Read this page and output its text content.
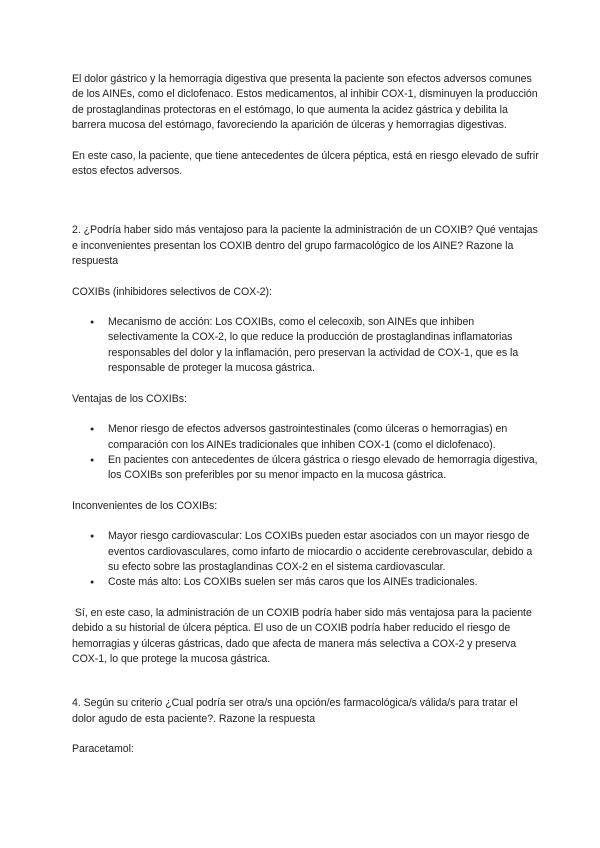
El dolor gástrico y la hemorragia digestiva que presenta la paciente son efectos adversos comunes de los AINEs, como el diclofenaco. Estos medicamentos, al inhibir COX-1, disminuyen la producción de prostaglandinas protectoras en el estómago, lo que aumenta la acidez gástrica y debilita la barrera mucosa del estómago, favoreciendo la aparición de úlceras y hemorragias digestivas.

En este caso, la paciente, que tiene antecedentes de úlcera péptica, está en riesgo elevado de sufrir estos efectos adversos.

2. ¿Podría haber sido más ventajoso para la paciente la administración de un COXIB? Qué ventajas e inconvenientes presentan los COXIB dentro del grupo farmacológico de los AINE? Razone la respuesta

COXIBs (inhibidores selectivos de COX-2):

● Mecanismo de acción: Los COXIBs, como el celecoxib, son AINEs que inhiben selectivamente la COX-2, lo que reduce la producción de prostaglandinas inflamatorias responsables del dolor y la inflamación, pero preservan la actividad de COX-1, que es la responsable de proteger la mucosa gástrica.

Ventajas de los COXIBs:

● Menor riesgo de efectos adversos gastrointestinales (como úlceras o hemorragias) en comparación con los AINEs tradicionales que inhiben COX-1 (como el diclofenaco).
● En pacientes con antecedentes de úlcera gástrica o riesgo elevado de hemorragia digestiva, los COXIBs son preferibles por su menor impacto en la mucosa gástrica.

Inconvenientes de los COXIBs:

● Mayor riesgo cardiovascular: Los COXIBs pueden estar asociados con un mayor riesgo de eventos cardiovasculares, como infarto de miocardio o accidente cerebrovascular, debido a su efecto sobre las prostaglandinas COX-2 en el sistema cardiovascular.
● Coste más alto: Los COXIBs suelen ser más caros que los AINEs tradicionales.

Sí, en este caso, la administración de un COXIB podría haber sido más ventajosa para la paciente debido a su historial de úlcera péptica. El uso de un COXIB podría haber reducido el riesgo de hemorragias y úlceras gástricas, dado que afecta de manera más selectiva a COX-2 y preserva COX-1, lo que protege la mucosa gástrica.

4. Según su criterio ¿Cual podría ser otra/s una opción/es farmacológica/s válida/s para tratar el dolor agudo de esta paciente?. Razone la respuesta

Paracetamol:
